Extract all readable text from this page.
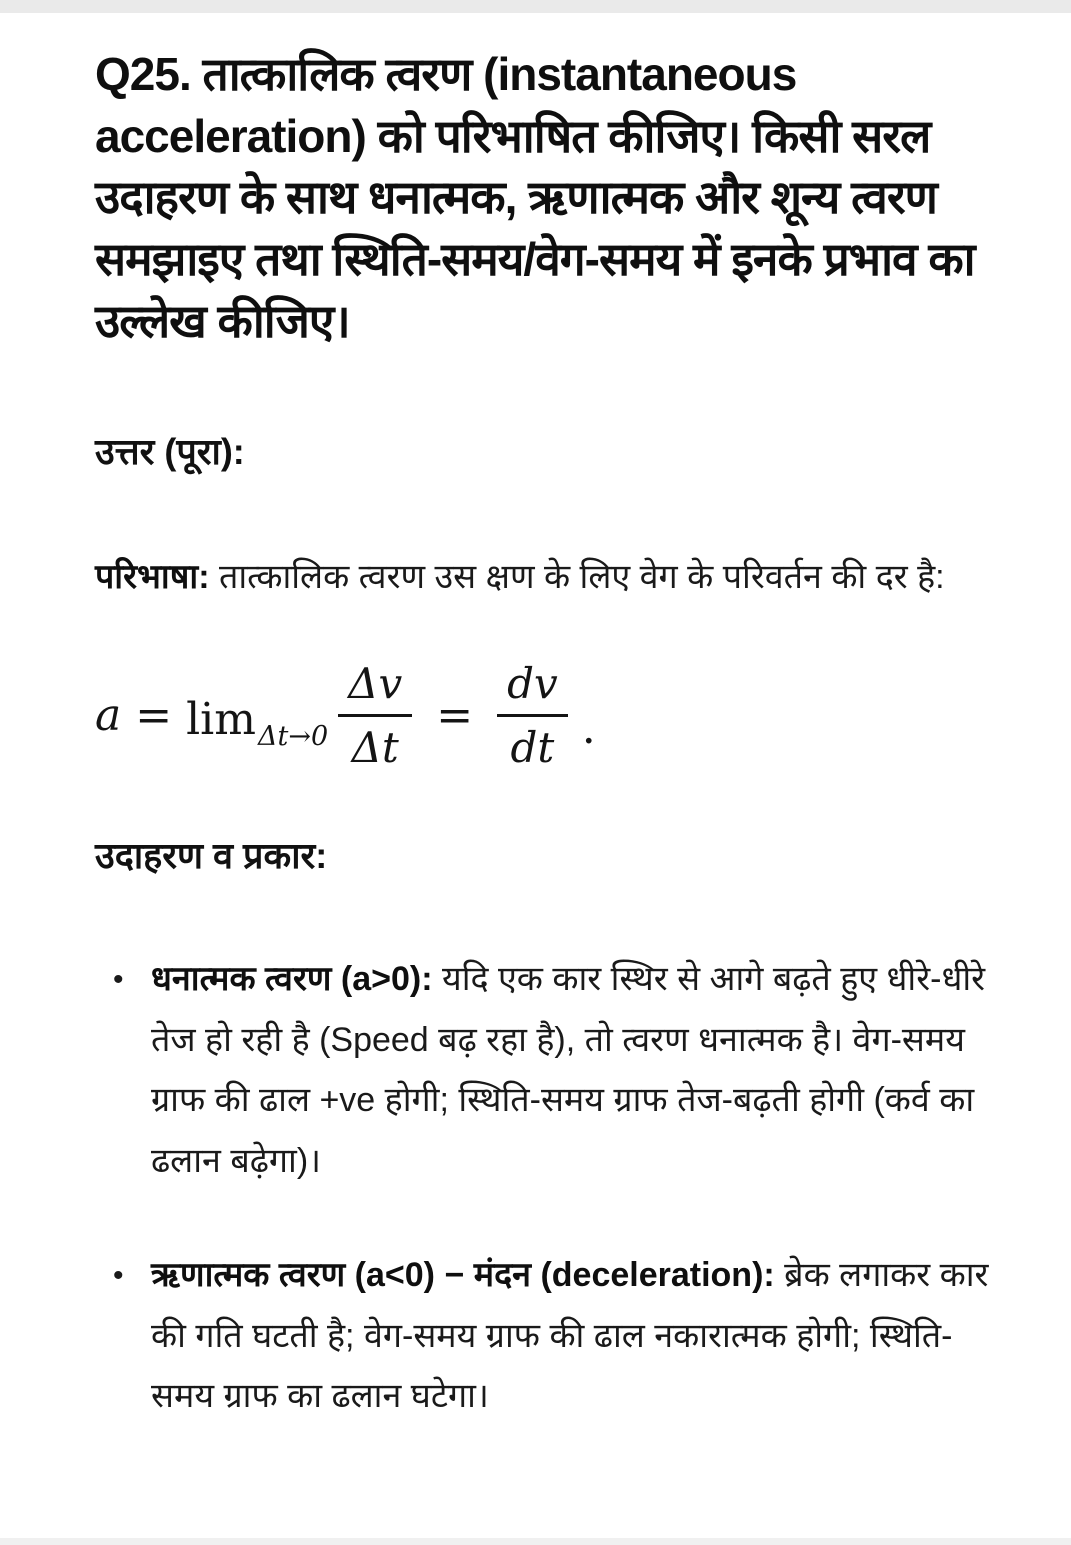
Q25. तात्कालिक त्वरण (instantaneous acceleration) को परिभाषित कीजिए। किसी सरल उदाहरण के साथ धनात्मक, ऋणात्मक और शून्य त्वरण समझाइए तथा स्थिति-समय/वेग-समय में इनके प्रभाव का उल्लेख कीजिए।
उत्तर (पूरा):

परिभाषा: तात्कालिक त्वरण उस क्षण के लिए वेग के परिवर्तन की दर है:

$a = \lim \Delta t\to 0 \frac{\Delta v}{\Delta t} = \frac{dv}{dt}$ .
उदाहरण व प्रकार:
• धनात्मक त्वरण (a>0): यदि एक कार स्थिर से आगे बढ़ते हुए धीरे-धीरे तेज हो रही है (Speed बढ़ रहा है), तो त्वरण धनात्मक है। वेग-समय ग्राफ की ढाल +ve होगी; स्थिति-समय ग्राफ तेज-बढ़ती होगी (कर्व का ढलान बढ़ेगा)।
• ऋणात्मक त्वरण (a<0) − मंदन (deceleration): ब्रेक लगाकर कार की गति घटती है; वेग-समय ग्राफ की ढाल नकारात्मक होगी; स्थिति-समय ग्राफ का ढलान घटेगा।
